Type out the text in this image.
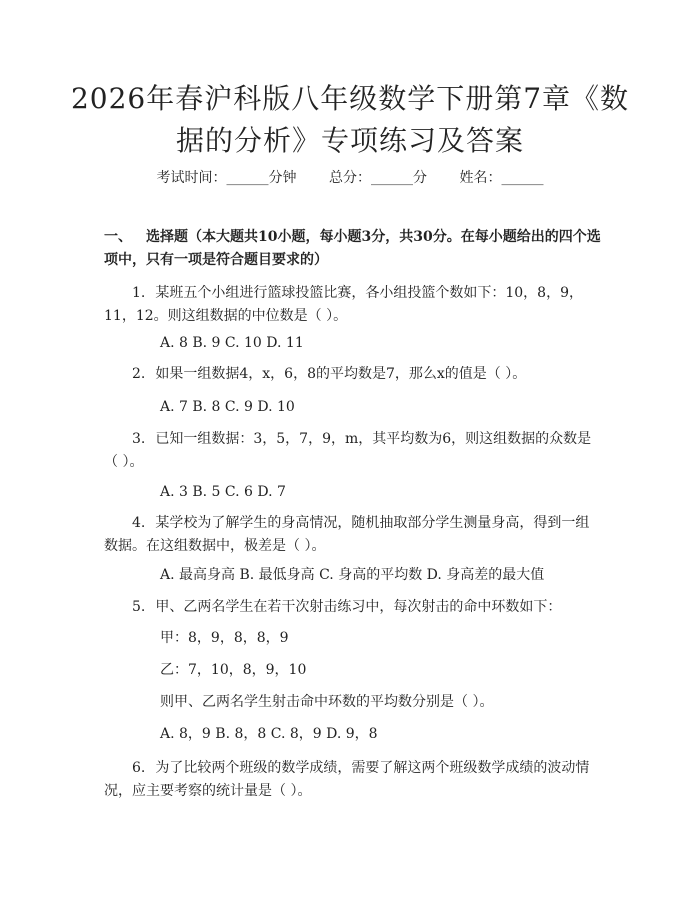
2026年春沪科版八年级数学下册第7章《数据的分析》专项练习及答案
考试时间：______分钟 总分：______分 姓名：______
一、 选择题（本大题共10小题，每小题3分，共30分。在每小题给出的四个选项中，只有一项是符合题目要求的）
1. 某班五个小组进行篮球投篮比赛，各小组投篮个数如下：10，8，9，11，12。则这组数据的中位数是（ ）。
A. 8 B. 9 C. 10 D. 11
2. 如果一组数据4，x，6，8的平均数是7，那么x的值是（ ）。
A. 7 B. 8 C. 9 D. 10
3. 已知一组数据：3，5，7，9，m，其平均数为6，则这组数据的众数是（ ）。
A. 3 B. 5 C. 6 D. 7
4. 某学校为了解学生的身高情况，随机抽取部分学生测量身高，得到一组数据。在这组数据中，极差是（ ）。
A. 最高身高 B. 最低身高 C. 身高的平均数 D. 身高差的最大值
5. 甲、乙两名学生在若干次射击练习中，每次射击的命中环数如下：
甲：8，9，8，8，9
乙：7，10，8，9，10
则甲、乙两名学生射击命中环数的平均数分别是（ ）。
A. 8，9 B. 8，8 C. 8，9 D. 9，8
6. 为了比较两个班级的数学成绩，需要了解这两个班级数学成绩的波动情况，应主要考察的统计量是（ ）。
